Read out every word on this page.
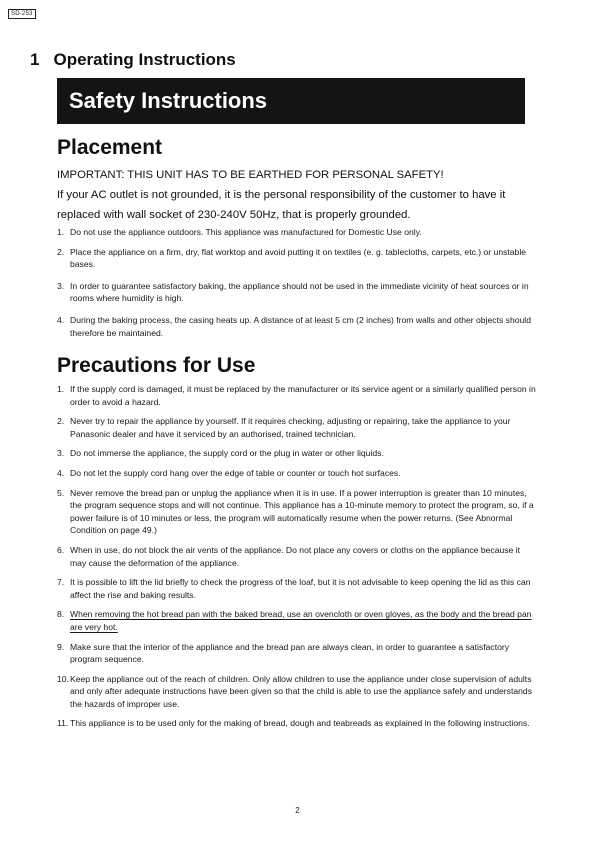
SD-253
1 Operating Instructions
Safety Instructions
Placement

IMPORTANT: THIS UNIT HAS TO BE EARTHED FOR PERSONAL SAFETY!

If your AC outlet is not grounded, it is the personal responsibility of the customer to have it

replaced with wall socket of 230-240V 50Hz, that is properly grounded.

1. Do not use the appliance outdoors. This appliance was manufactured for Domestic Use only.
2. Place the appliance on a firm, dry, flat worktop and avoid putting it on textiles (e. g. tablecloths, carpets, etc.) or unstable bases.
3. In order to guarantee satisfactory baking, the appliance should not be used in the immediate vicinity of heat sources or in rooms where humidity is high.
4. During the baking process, the casing heats up. A distance of at least 5 cm (2 inches) from walls and other objects should therefore be maintained.
Precautions for Use
1. If the supply cord is damaged, it must be replaced by the manufacturer or its service agent or a similarly qualified person in order to avoid a hazard.
2. Never try to repair the appliance by yourself. If it requires checking, adjusting or repairing, take the appliance to your Panasonic dealer and have it serviced by an authorised, trained technician.
3. Do not immerse the appliance, the supply cord or the plug in water or other liquids.
4. Do not let the supply cord hang over the edge of table or counter or touch hot surfaces.
5. Never remove the bread pan or unplug the appliance when it is in use. If a power interruption is greater than 10 minutes, the program sequence stops and will not continue. This appliance has a 10-minute memory to protect the program, so, if a power failure is of 10 minutes or less, the program will automatically resume when the power returns. (See Abnormal Condition on page 49.)
6. When in use, do not block the air vents of the appliance. Do not place any covers or cloths on the appliance because it may cause the deformation of the appliance.
7. It is possible to lift the lid briefly to check the progress of the loaf, but it is not advisable to keep opening the lid as this can affect the rise and baking results.
8. When removing the hot bread pan with the baked bread, use an ovencloth or oven gloves, as the body and the bread pan are very hot.
9. Make sure that the interior of the appliance and the bread pan are always clean, in order to guarantee a satisfactory program sequence.
10. Keep the appliance out of the reach of children. Only allow children to use the appliance under close supervision of adults and only after adequate instructions have been given so that the child is able to use the appliance safely and understands the hazards of improper use.
11. This appliance is to be used only for the making of bread, dough and teabreads as explained in the following instructions.
2
